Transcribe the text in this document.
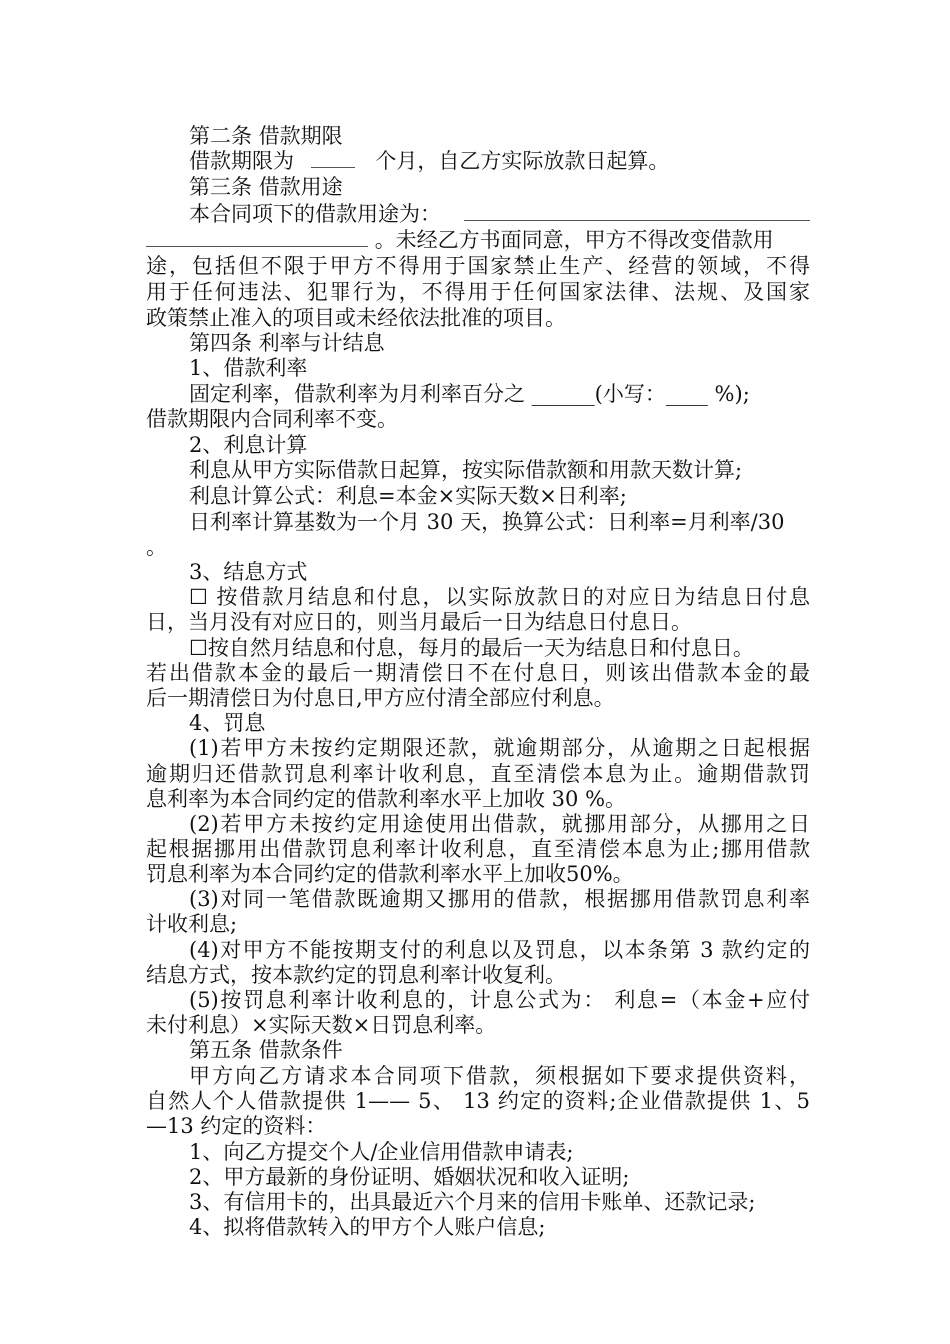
第二条 借款期限
借款期限为	个月，自乙方实际放款日起算。
第三条 借款用途
本合同项下的借款用途为：
。未经乙方书面同意，甲方不得改变借款用
途，包括但不限于甲方不得用于国家禁止生产、经营的领域，不得
用于任何违法、犯罪行为，不得用于任何国家法律、法规、及国家
政策禁止准入的项目或未经依法批准的项目。
第四条 利率与计结息
1、借款利率
固定利率，借款利率为月利率百分之 ______(小写：____ %);
借款期限内合同利率不变。
2、利息计算
利息从甲方实际借款日起算，按实际借款额和用款天数计算;
利息计算公式：利息=本金×实际天数×日利率;
日利率计算基数为一个月 30 天，换算公式：日利率=月利率/30
。
3、结息方式
☐ 按借款月结息和付息，以实际放款日的对应日为结息日付息
日，当月没有对应日的，则当月最后一日为结息日付息日。
☐按自然月结息和付息，每月的最后一天为结息日和付息日。
若出借款本金的最后一期清偿日不在付息日，则该出借款本金的最
后一期清偿日为付息日,甲方应付清全部应付利息。
4、罚息
(1)若甲方未按约定期限还款，就逾期部分，从逾期之日起根据
逾期归还借款罚息利率计收利息，直至清偿本息为止。逾期借款罚
息利率为本合同约定的借款利率水平上加收 30 %。
(2)若甲方未按约定用途使用出借款，就挪用部分，从挪用之日
起根据挪用出借款罚息利率计收利息，直至清偿本息为止;挪用借款
罚息利率为本合同约定的借款利率水平上加收50%。
(3)对同一笔借款既逾期又挪用的借款，根据挪用借款罚息利率
计收利息;
(4)对甲方不能按期支付的利息以及罚息，以本条第 3 款约定的
结息方式，按本款约定的罚息利率计收复利。
(5)按罚息利率计收利息的，计息公式为： 利息=（本金+应付
未付利息）×实际天数×日罚息利率。
第五条 借款条件
甲方向乙方请求本合同项下借款，须根据如下要求提供资料，
自然人个人借款提供 1—— 5、 13 约定的资料;企业借款提供 1、5
—13 约定的资料：
1、向乙方提交个人/企业信用借款申请表;
2、甲方最新的身份证明、婚姻状况和收入证明;
3、有信用卡的，出具最近六个月来的信用卡账单、还款记录;
4、拟将借款转入的甲方个人账户信息;
